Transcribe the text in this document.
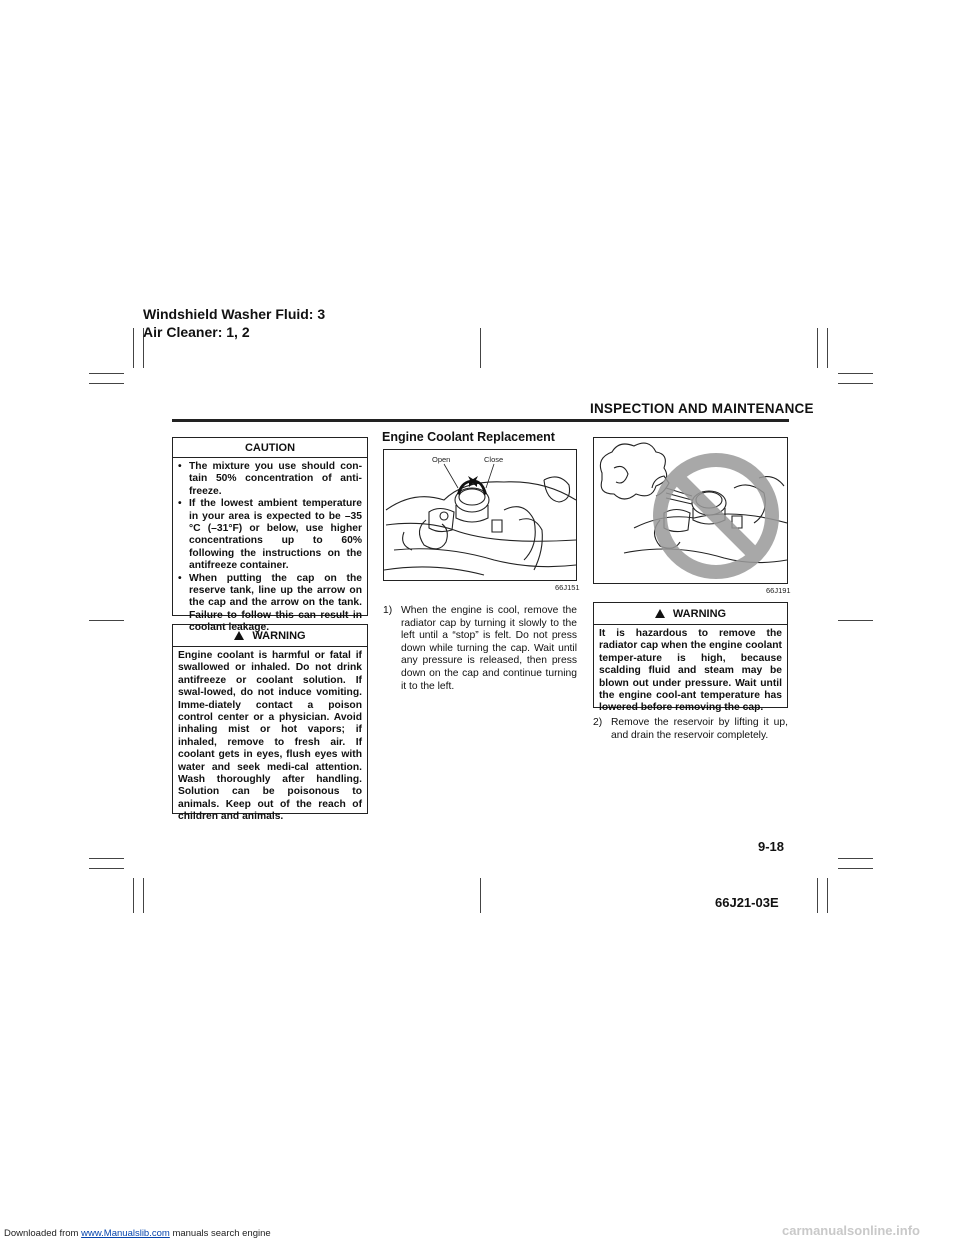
Windshield Washer Fluid: 3
Air Cleaner: 1, 2
INSPECTION AND MAINTENANCE
CAUTION
• The mixture you use should con-tain 50% concentration of anti-freeze.
• If the lowest ambient temperature in your area is expected to be –35 °C (–31°F) or below, use higher concentrations up to 60% following the instructions on the antifreeze container.
• When putting the cap on the reserve tank, line up the arrow on the cap and the arrow on the tank. Failure to follow this can result in coolant leakage.
WARNING
Engine coolant is harmful or fatal if swallowed or inhaled. Do not drink antifreeze or coolant solution. If swal-lowed, do not induce vomiting. Imme-diately contact a poison control center or a physician. Avoid inhaling mist or hot vapors; if inhaled, remove to fresh air. If coolant gets in eyes, flush eyes with water and seek medi-cal attention. Wash thoroughly after handling. Solution can be poisonous to animals. Keep out of the reach of children and animals.
Engine Coolant Replacement
Open	Close
66J151
1) When the engine is cool, remove the radiator cap by turning it slowly to the left until a “stop” is felt. Do not press down while turning the cap. Wait until any pressure is released, then press down on the cap and continue turning it to the left.
66J191
WARNING
It is hazardous to remove the radiator cap when the engine coolant temper-ature is high, because scalding fluid and steam may be blown out under pressure. Wait until the engine cool-ant temperature has lowered before removing the cap.
2) Remove the reservoir by lifting it up, and drain the reservoir completely.
9-18
66J21-03E
Downloaded from www.Manualslib.com manuals search engine	carmanualsonline.info
